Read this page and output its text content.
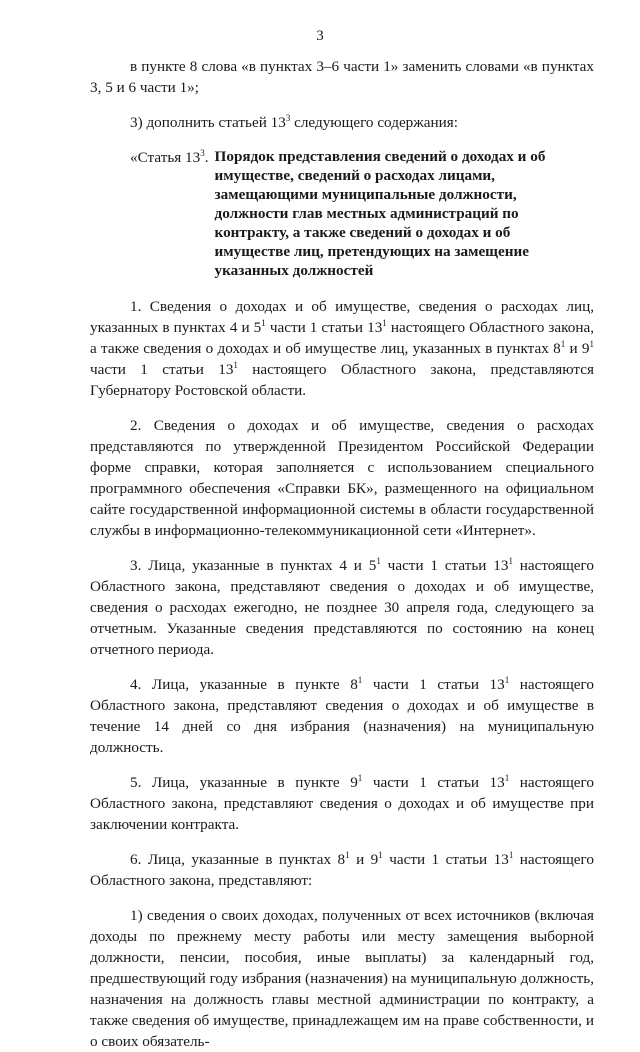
3

в пункте 8 слова «в пунктах 3–6 части 1» заменить словами «в пунктах 3, 5 и 6 части 1»;

3) дополнить статьей $13^3$ следующего содержания:

«Статья $13^3$. Порядок представления сведений о доходах и об имуществе, сведений о расходах лицами, замещающими муниципальные должности, должности глав местных администраций по контракту, а также сведений о доходах и об имуществе лиц, претендующих на замещение указанных должностей

1. Сведения о доходах и об имуществе, сведения о расходах лиц, указанных в пунктах 4 и $5^1$ части 1 статьи $13^1$ настоящего Областного закона, а также сведения о доходах и об имуществе лиц, указанных в пунктах $8^1$ и $9^1$ части 1 статьи $13^1$ настоящего Областного закона, представляются Губернатору Ростовской области.

2. Сведения о доходах и об имуществе, сведения о расходах представляются по утвержденной Президентом Российской Федерации форме справки, которая заполняется с использованием специального программного обеспечения «Справки БК», размещенного на официальном сайте государственной информационной системы в области государственной службы в информационно-телекоммуникационной сети «Интернет».

3. Лица, указанные в пунктах 4 и $5^1$ части 1 статьи $13^1$ настоящего Областного закона, представляют сведения о доходах и об имуществе, сведения о расходах ежегодно, не позднее 30 апреля года, следующего за отчетным. Указанные сведения представляются по состоянию на конец отчетного периода.

4. Лица, указанные в пункте $8^1$ части 1 статьи $13^1$ настоящего Областного закона, представляют сведения о доходах и об имуществе в течение 14 дней со дня избрания (назначения) на муниципальную должность.

5. Лица, указанные в пункте $9^1$ части 1 статьи $13^1$ настоящего Областного закона, представляют сведения о доходах и об имуществе при заключении контракта.

6. Лица, указанные в пунктах $8^1$ и $9^1$ части 1 статьи $13^1$ настоящего Областного закона, представляют:

1) сведения о своих доходах, полученных от всех источников (включая доходы по прежнему месту работы или месту замещения выборной должности, пенсии, пособия, иные выплаты) за календарный год, предшествующий году избрания (назначения) на муниципальную должность, назначения на должность главы местной администрации по контракту, а также сведения об имуществе, принадлежащем им на праве собственности, и о своих обязатель-
